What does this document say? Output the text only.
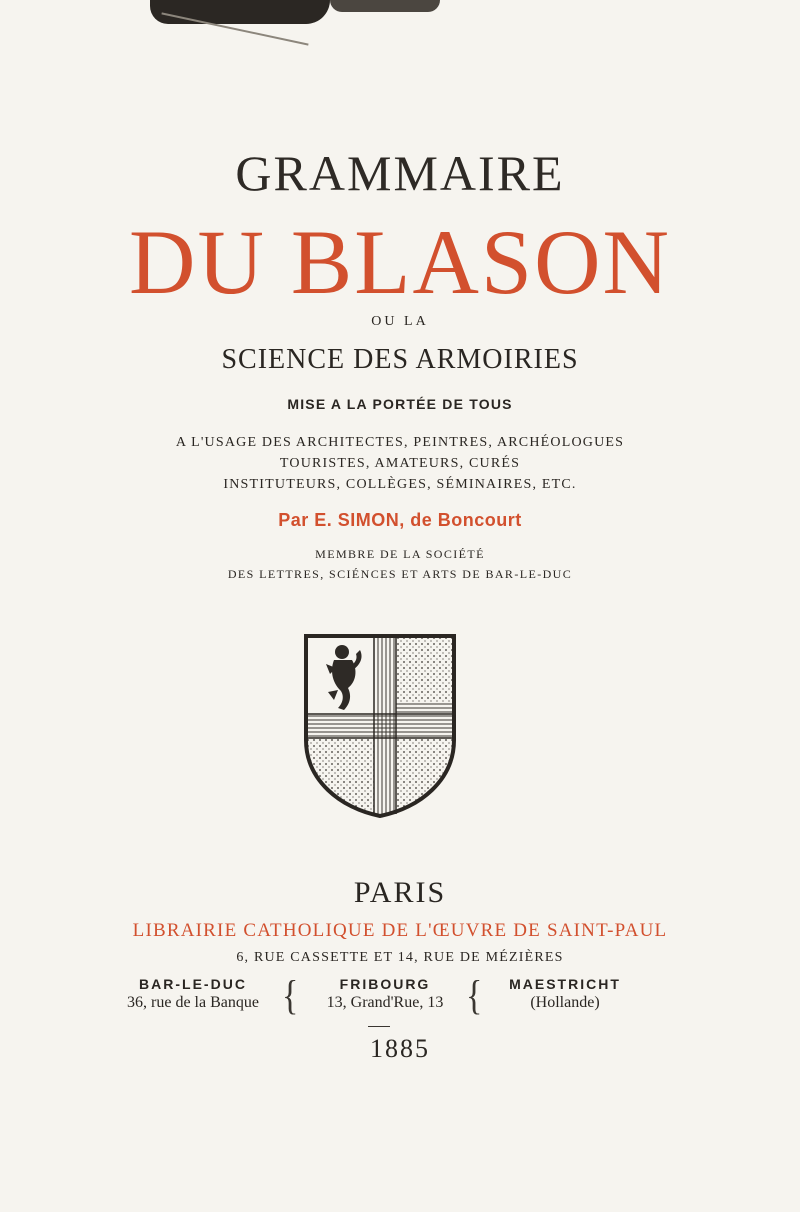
GRAMMAIRE
DU BLASON
OU LA
SCIENCE DES ARMOIRIES
MISE A LA PORTÉE DE TOUS
A L'USAGE DES ARCHITECTES, PEINTRES, ARCHÉOLOGUES
TOURISTES, AMATEURS, CURÉS
INSTITUTEURS, COLLÈGES, SÉMINAIRES, ETC.
Par E. SIMON, de Boncourt
MEMBRE DE LA SOCIÉTÉ
DES LETTRES, SCIÉNCES ET ARTS DE BAR-LE-DUC
PARIS
LIBRAIRIE CATHOLIQUE DE L'ŒUVRE DE SAINT-PAUL
6, RUE CASSETTE ET 14, RUE DE MÉZIÈRES
BAR-LE-DUC
36, rue de la Banque {	FRIBOURG
13, Grand'Rue, 13 {	MAESTRICHT
(Hollande)
1885
